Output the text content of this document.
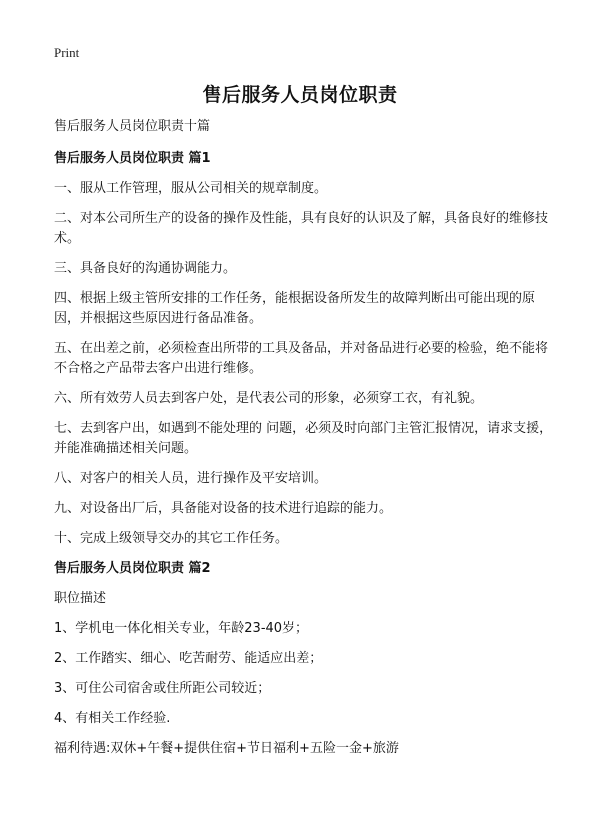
Print
售后服务人员岗位职责

售后服务人员岗位职责十篇

售后服务人员岗位职责 篇1

一、服从工作管理，服从公司相关的规章制度。

二、对本公司所生产的设备的操作及性能，具有良好的认识及了解，具备良好的维修技术。

三、具备良好的沟通协调能力。

四、根据上级主管所安排的工作任务，能根据设备所发生的故障判断出可能出现的原因，并根据这些原因进行备品准备。

五、在出差之前，必须检查出所带的工具及备品，并对备品进行必要的检验，绝不能将不合格之产品带去客户出进行维修。

六、所有效劳人员去到客户处，是代表公司的形象，必须穿工衣，有礼貌。

七、去到客户出，如遇到不能处理的 问题，必须及时向部门主管汇报情况，请求支援，并能准确描述相关问题。

八、对客户的相关人员，进行操作及平安培训。

九、对设备出厂后，具备能对设备的技术进行追踪的能力。

十、完成上级领导交办的其它工作任务。

售后服务人员岗位职责 篇2

职位描述

1、学机电一体化相关专业，年龄23-40岁；

2、工作踏实、细心、吃苦耐劳、能适应出差；

3、可住公司宿舍或住所距公司较近；

4、有相关工作经验.

福利待遇:双休+午餐+提供住宿+节日福利+五险一金+旅游
